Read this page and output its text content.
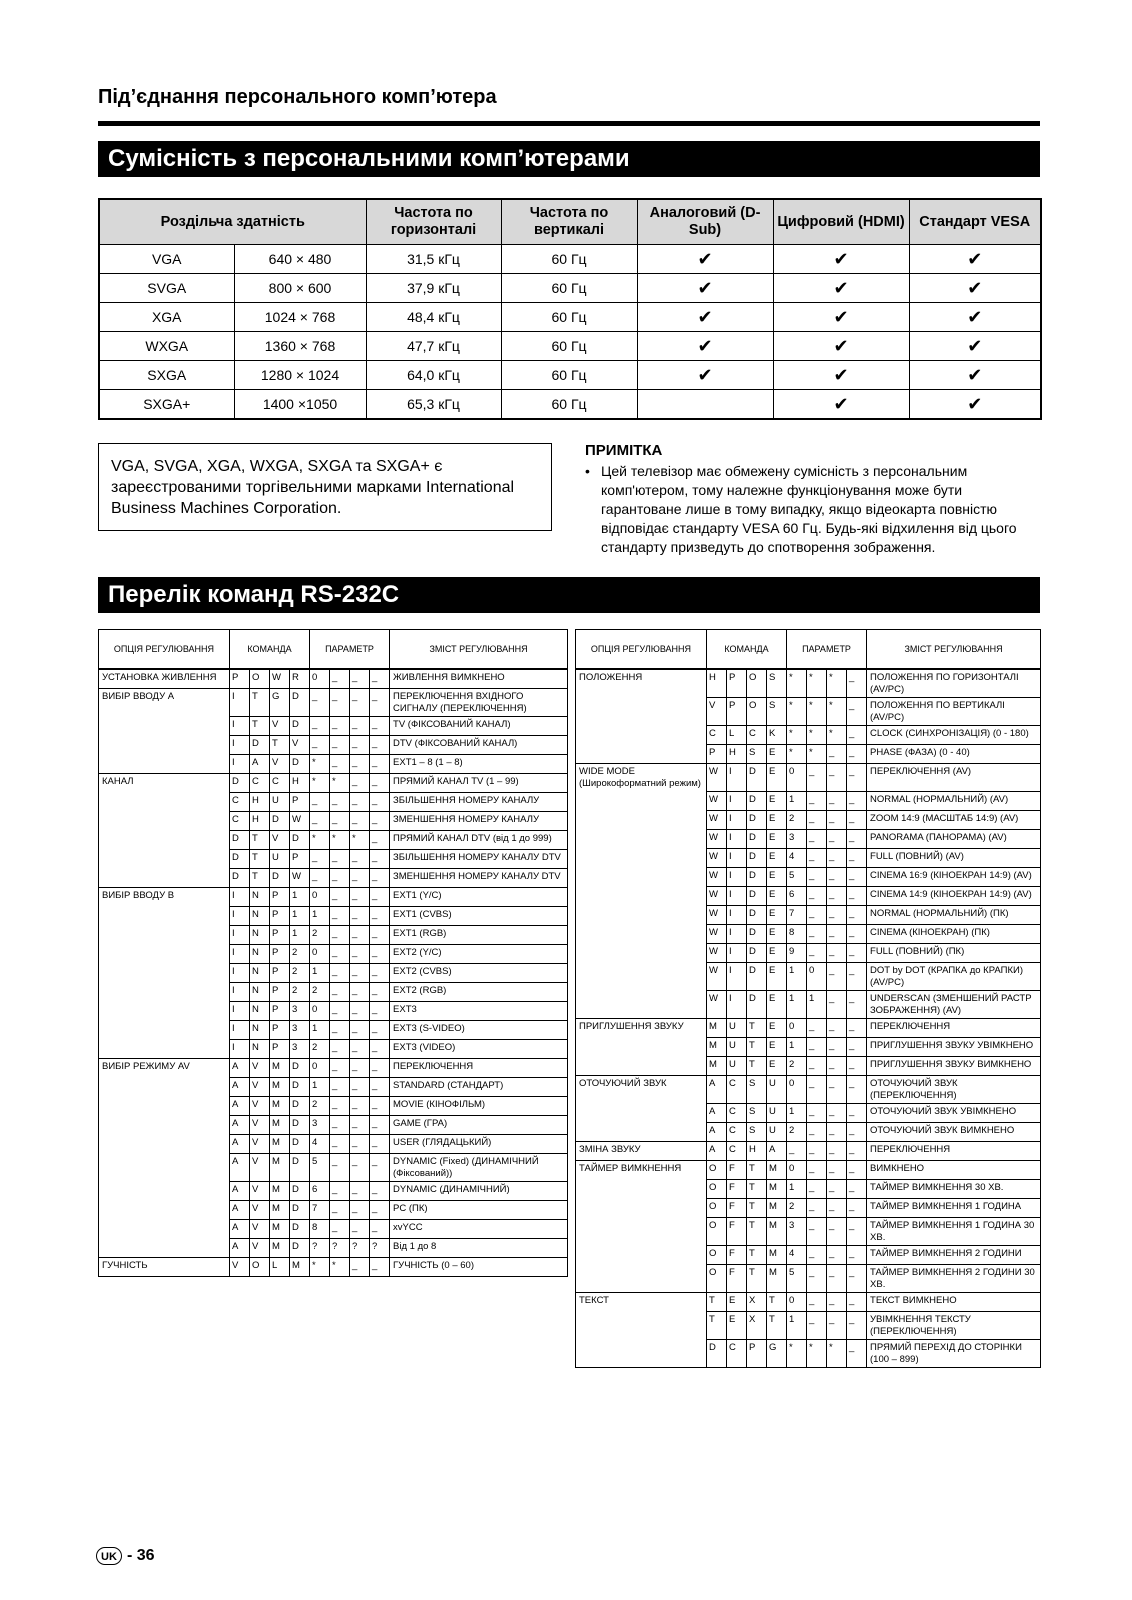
Під’єднання персонального комп’ютера
Сумісність з персональними комп’ютерами
Роздільча здатність		Частота по горизонталі	Частота по вертикалі	Аналоговий (D-Sub)	Цифровий (HDMI)	Стандарт VESA
VGA	640 × 480	31,5 кГц	60 Гц	✔	✔	✔
SVGA	800 × 600	37,9 кГц	60 Гц	✔	✔	✔
XGA	1024 × 768	48,4 кГц	60 Гц	✔	✔	✔
WXGA	1360 × 768	47,7 кГц	60 Гц	✔	✔	✔
SXGA	1280 × 1024	64,0 кГц	60 Гц	✔	✔	✔
SXGA+	1400 ×1050	65,3 кГц	60 Гц		✔	✔
VGA, SVGA, XGA, WXGA, SXGA та SXGA+ є зареєстрованими торгівельними марками International Business Machines Corporation.
ПРИМІТКА
• Цей телевізор має обмежену сумісність з персональним комп'ютером, тому належне функціонування може бути гарантоване лише в тому випадку, якщо відеокарта повністю відповідає стандарту VESA 60 Гц. Будь-які відхилення від цього стандарту призведуть до спотворення зображення.
Перелік команд RS-232C
ОПЦІЯ РЕГУЛЮВАННЯ	КОМАНДА				ПАРАМЕТР				ЗМІСТ РЕГУЛЮВАННЯ
УСТАНОВКА ЖИВЛЕННЯ	P	O	W	R	0	_	_	_	ЖИВЛЕННЯ ВИМКНЕНО
ВИБІР ВВОДУ А	I	T	G	D	_	_	_	_	ПЕРЕКЛЮЧЕННЯ ВХІДНОГО СИГНАЛУ (ПЕРЕКЛЮЧЕННЯ)
	I	T	V	D	_	_	_	_	TV (ФІКСОВАНИЙ КАНАЛ)
	I	D	T	V	_	_	_	_	DTV (ФІКСОВАНИЙ КАНАЛ)
	I	A	V	D	*	_	_	_	EXT1 – 8 (1 – 8)
КАНАЛ	D	C	C	H	*	*	_	_	ПРЯМИЙ КАНАЛ TV (1 – 99)
	C	H	U	P	_	_	_	_	ЗБІЛЬШЕННЯ НОМЕРУ КАНАЛУ
	C	H	D	W	_	_	_	_	ЗМЕНШЕННЯ НОМЕРУ КАНАЛУ
	D	T	V	D	*	*	*	_	ПРЯМИЙ КАНАЛ DTV (від 1 до 999)
	D	T	U	P	_	_	_	_	ЗБІЛЬШЕННЯ НОМЕРУ КАНАЛУ DTV
	D	T	D	W	_	_	_	_	ЗМЕНШЕННЯ НОМЕРУ КАНАЛУ DTV
ВИБІР ВВОДУ В	I	N	P	1	0	_	_	_	EXT1 (Y/C)
	I	N	P	1	1	_	_	_	EXT1 (CVBS)
	I	N	P	1	2	_	_	_	EXT1 (RGB)
	I	N	P	2	0	_	_	_	EXT2 (Y/C)
	I	N	P	2	1	_	_	_	EXT2 (CVBS)
	I	N	P	2	2	_	_	_	EXT2 (RGB)
	I	N	P	3	0	_	_	_	EXT3
	I	N	P	3	1	_	_	_	EXT3 (S-VIDEO)
	I	N	P	3	2	_	_	_	EXT3 (VIDEO)
ВИБІР РЕЖИМУ AV	A	V	M	D	0	_	_	_	ПЕРЕКЛЮЧЕННЯ
	A	V	M	D	1	_	_	_	STANDARD (СТАНДАРТ)
	A	V	M	D	2	_	_	_	MOVIE (КІНОФІЛЬМ)
	A	V	M	D	3	_	_	_	GAME (ГРА)
	A	V	M	D	4	_	_	_	USER (ГЛЯДАЦЬКИЙ)
	A	V	M	D	5	_	_	_	DYNAMIC (Fixed) (ДИНАМІЧНИЙ (Фіксований))
	A	V	M	D	6	_	_	_	DYNAMIC (ДИНАМІЧНИЙ)
	A	V	M	D	7	_	_	_	PC (ПК)
	A	V	M	D	8	_	_	_	xvYCC
	A	V	M	D	?	?	?	?	Від 1 до 8
ГУЧНІСТЬ	V	O	L	M	*	*	_	_	ГУЧНІСТЬ (0 – 60)
ОПЦІЯ РЕГУЛЮВАННЯ	КОМАНДА				ПАРАМЕТР				ЗМІСТ РЕГУЛЮВАННЯ
ПОЛОЖЕННЯ	H	P	O	S	*	*	*	_	ПОЛОЖЕННЯ ПО ГОРИЗОНТАЛІ (AV/PC)
	V	P	O	S	*	*	*	_	ПОЛОЖЕННЯ ПО ВЕРТИКАЛІ (AV/PC)
	C	L	C	K	*	*	*	_	CLOCK (СИНХРОНІЗАЦІЯ) (0 - 180)
	P	H	S	E	*	*	_	_	PHASE (ФАЗА) (0 - 40)
WIDE MODE (Широкоформатний режим)	W	I	D	E	0	_	_	_	ПЕРЕКЛЮЧЕННЯ (AV)
	W	I	D	E	1	_	_	_	NORMAL (НОРМАЛЬНИЙ) (AV)
	W	I	D	E	2	_	_	_	ZOOM 14:9 (МАСШТАБ 14:9) (AV)
	W	I	D	E	3	_	_	_	PANORAMA (ПАНОРАМА) (AV)
	W	I	D	E	4	_	_	_	FULL (ПОВНИЙ) (AV)
	W	I	D	E	5	_	_	_	CINEMA 16:9 (КІНОЕКРАН 14:9) (AV)
	W	I	D	E	6	_	_	_	CINEMA 14:9 (КІНОЕКРАН 14:9) (AV)
	W	I	D	E	7	_	_	_	NORMAL (НОРМАЛЬНИЙ) (ПК)
	W	I	D	E	8	_	_	_	CINEMA (КІНОЕКРАН) (ПК)
	W	I	D	E	9	_	_	_	FULL (ПОВНИЙ) (ПК)
	W	I	D	E	1	0	_	_	DOT by DOT (КРАПКА до КРАПКИ) (AV/PC)
	W	I	D	E	1	1	_	_	UNDERSCAN (ЗМЕНШЕНИЙ РАСТР ЗОБРАЖЕННЯ) (AV)
ПРИГЛУШЕННЯ ЗВУКУ	M	U	T	E	0	_	_	_	ПЕРЕКЛЮЧЕННЯ
	M	U	T	E	1	_	_	_	ПРИГЛУШЕННЯ ЗВУКУ УВІМКНЕНО
	M	U	T	E	2	_	_	_	ПРИГЛУШЕННЯ ЗВУКУ ВИМКНЕНО
ОТОЧУЮЧИЙ ЗВУК	A	C	S	U	0	_	_	_	ОТОЧУЮЧИЙ ЗВУК (ПЕРЕКЛЮЧЕННЯ)
	A	C	S	U	1	_	_	_	ОТОЧУЮЧИЙ ЗВУК УВІМКНЕНО
	A	C	S	U	2	_	_	_	ОТОЧУЮЧИЙ ЗВУК ВИМКНЕНО
ЗМІНА ЗВУКУ	A	C	H	A	_	_	_	_	ПЕРЕКЛЮЧЕННЯ
ТАЙМЕР ВИМКНЕННЯ	O	F	T	M	0	_	_	_	ВИМКНЕНО
	O	F	T	M	1	_	_	_	ТАЙМЕР ВИМКНЕННЯ 30 ХВ.
	O	F	T	M	2	_	_	_	ТАЙМЕР ВИМКНЕННЯ 1 ГОДИНА
	O	F	T	M	3	_	_	_	ТАЙМЕР ВИМКНЕННЯ 1 ГОДИНА 30 ХВ.
	O	F	T	M	4	_	_	_	ТАЙМЕР ВИМКНЕННЯ 2 ГОДИНИ
	O	F	T	M	5	_	_	_	ТАЙМЕР ВИМКНЕННЯ 2 ГОДИНИ 30 ХВ.
ТЕКСТ	T	E	X	T	0	_	_	_	ТЕКСТ ВИМКНЕНО
	T	E	X	T	1	_	_	_	УВІМКНЕННЯ ТЕКСТУ (ПЕРЕКЛЮЧЕННЯ)
	D	C	P	G	*	*	*	_	ПРЯМИЙ ПЕРЕХІД ДО СТОРІНКИ (100 – 899)
UK - 36
